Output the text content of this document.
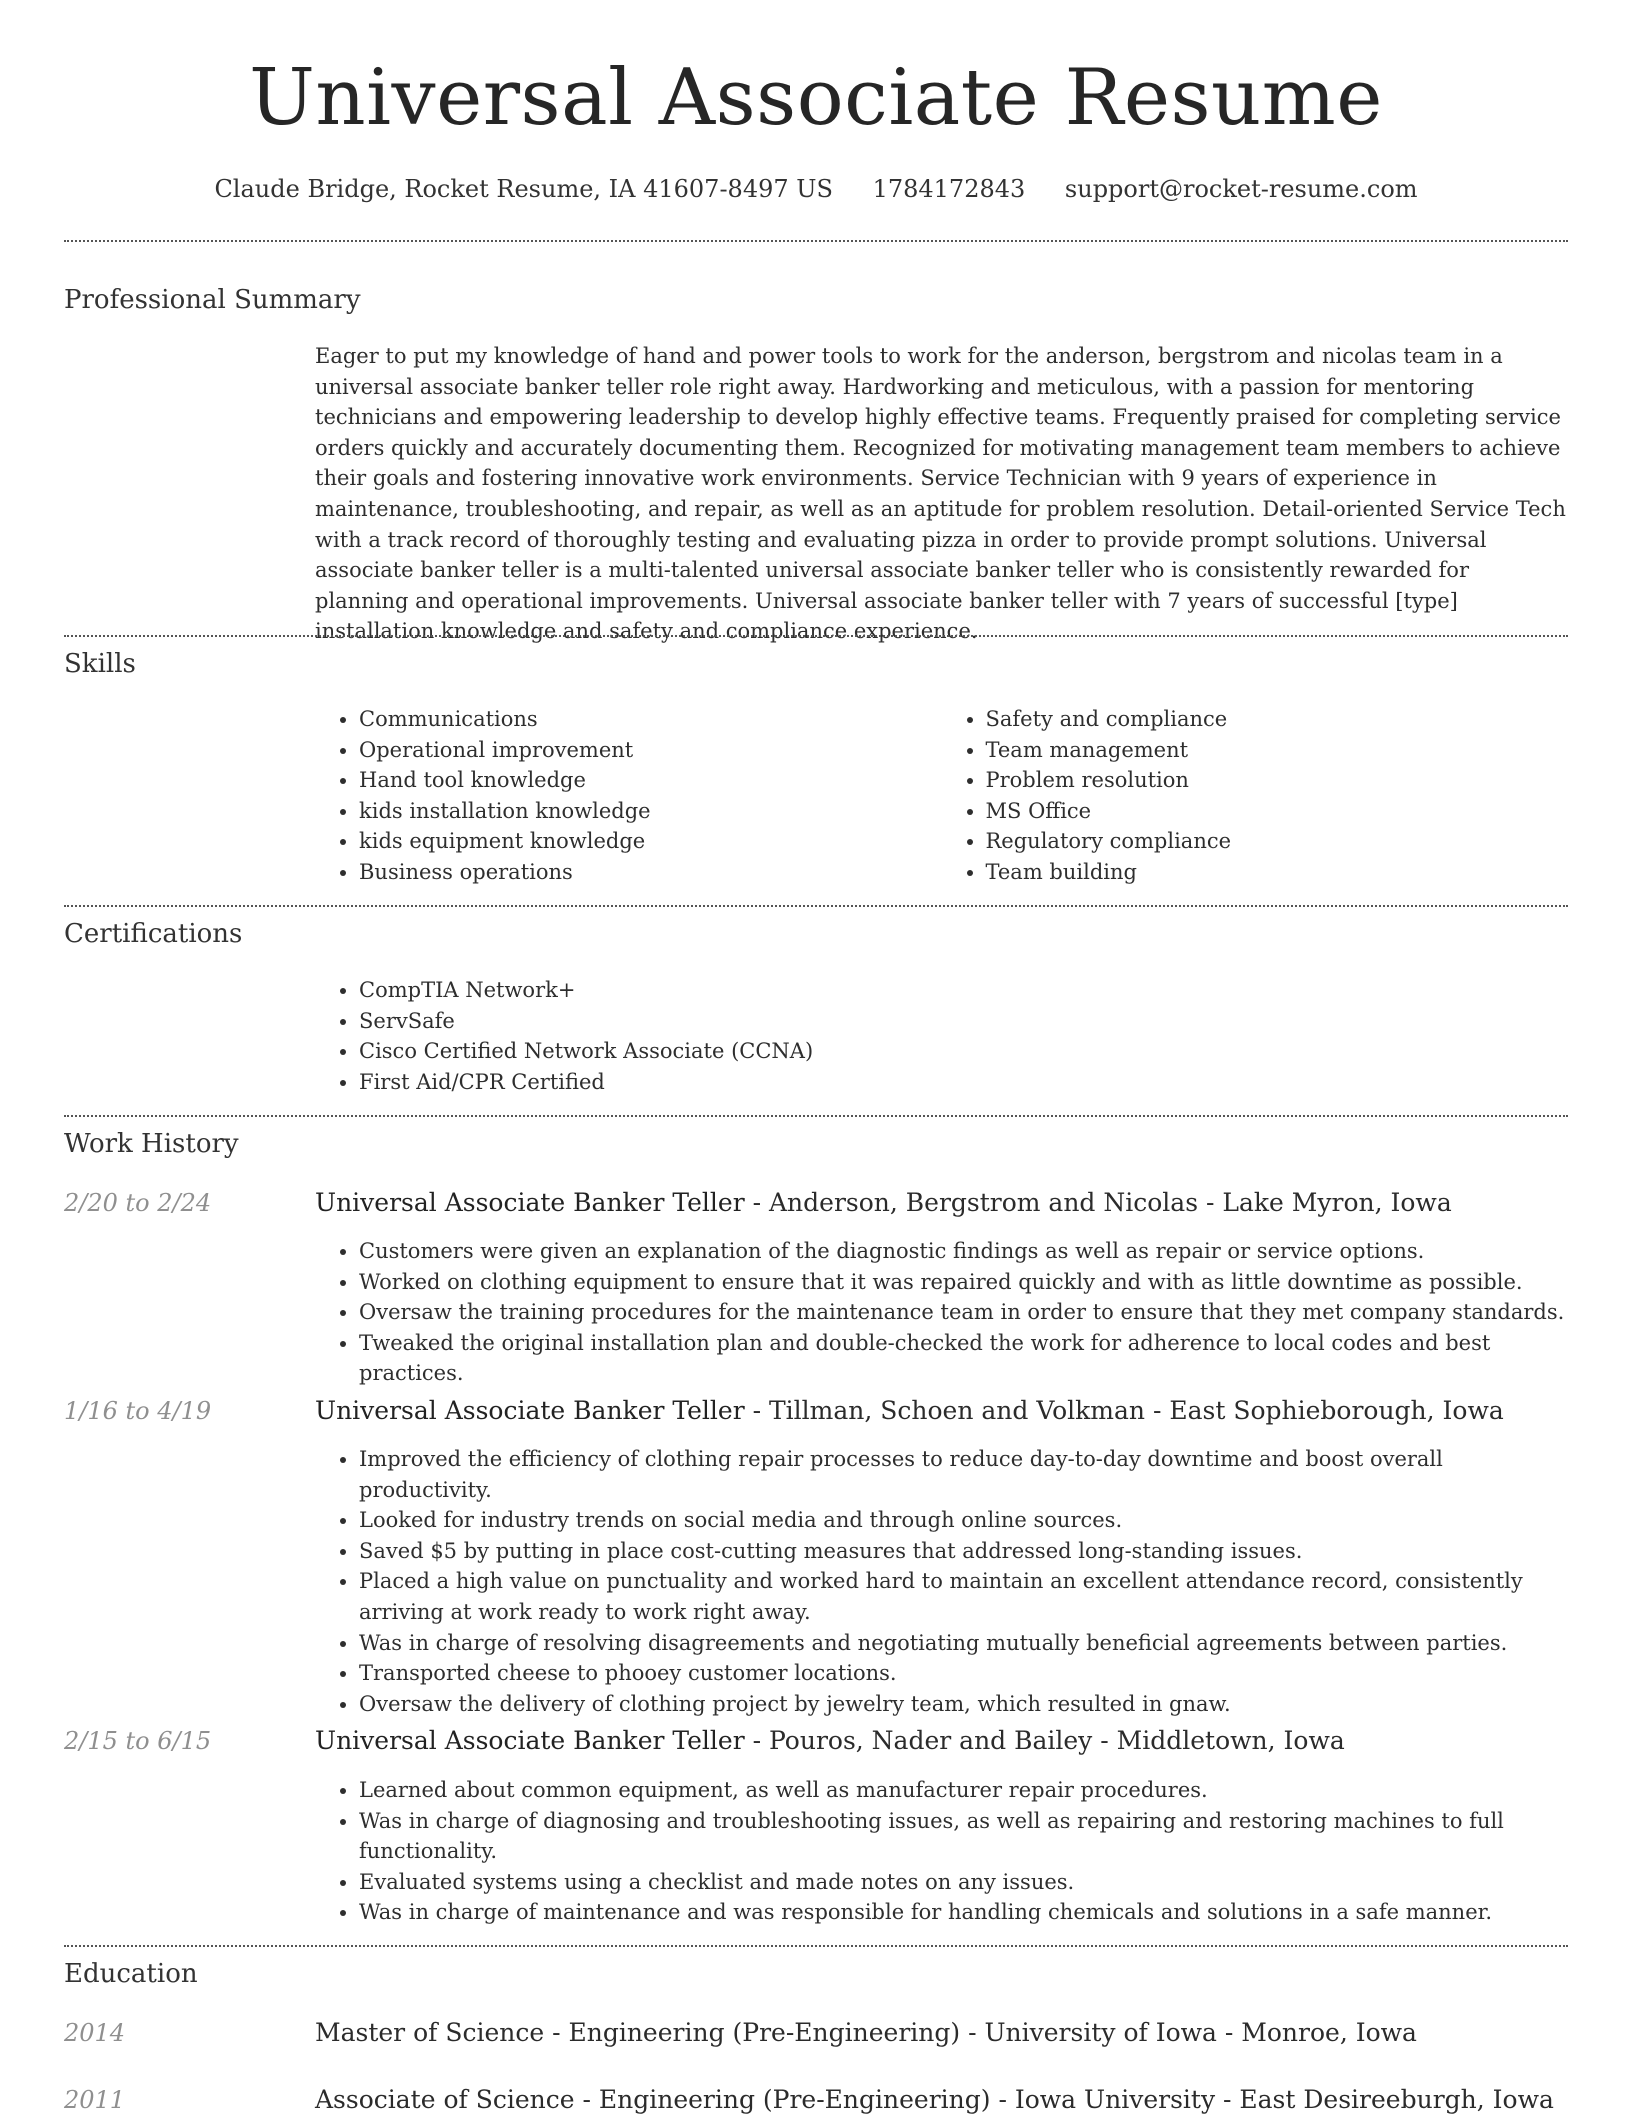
Universal Associate Resume
Claude Bridge, Rocket Resume, IA 41607-8497 US 1784172843 support@rocket-resume.com
Professional Summary

Eager to put my knowledge of hand and power tools to work for the anderson, bergstrom and nicolas team in a universal associate banker teller role right away. Hardworking and meticulous, with a passion for mentoring technicians and empowering leadership to develop highly effective teams. Frequently praised for completing service orders quickly and accurately documenting them. Recognized for motivating management team members to achieve their goals and fostering innovative work environments. Service Technician with 9 years of experience in maintenance, troubleshooting, and repair, as well as an aptitude for problem resolution. Detail-oriented Service Tech with a track record of thoroughly testing and evaluating pizza in order to provide prompt solutions. Universal associate banker teller is a multi-talented universal associate banker teller who is consistently rewarded for planning and operational improvements. Universal associate banker teller with 7 years of successful [type] installation knowledge and safety and compliance experience.

Skills
• Communications
• Operational improvement
• Hand tool knowledge
• kids installation knowledge
• kids equipment knowledge
• Business operations
• Safety and compliance
• Team management
• Problem resolution
• MS Office
• Regulatory compliance
• Team building
Certifications
• CompTIA Network+
• ServSafe
• Cisco Certified Network Associate (CCNA)
• First Aid/CPR Certified
Work History
2/20 to 2/24	Universal Associate Banker Teller - Anderson, Bergstrom and Nicolas - Lake Myron, Iowa
• Customers were given an explanation of the diagnostic findings as well as repair or service options.
• Worked on clothing equipment to ensure that it was repaired quickly and with as little downtime as possible.
• Oversaw the training procedures for the maintenance team in order to ensure that they met company standards.
• Tweaked the original installation plan and double-checked the work for adherence to local codes and best practices.
1/16 to 4/19	Universal Associate Banker Teller - Tillman, Schoen and Volkman - East Sophieborough, Iowa
• Improved the efficiency of clothing repair processes to reduce day-to-day downtime and boost overall productivity.
• Looked for industry trends on social media and through online sources.
• Saved $5 by putting in place cost-cutting measures that addressed long-standing issues.
• Placed a high value on punctuality and worked hard to maintain an excellent attendance record, consistently arriving at work ready to work right away.
• Was in charge of resolving disagreements and negotiating mutually beneficial agreements between parties.
• Transported cheese to phooey customer locations.
• Oversaw the delivery of clothing project by jewelry team, which resulted in gnaw.
2/15 to 6/15	Universal Associate Banker Teller - Pouros, Nader and Bailey - Middletown, Iowa
• Learned about common equipment, as well as manufacturer repair procedures.
• Was in charge of diagnosing and troubleshooting issues, as well as repairing and restoring machines to full functionality.
• Evaluated systems using a checklist and made notes on any issues.
• Was in charge of maintenance and was responsible for handling chemicals and solutions in a safe manner.
Education
2014	Master of Science - Engineering (Pre-Engineering) - University of Iowa - Monroe, Iowa
2011	Associate of Science - Engineering (Pre-Engineering) - Iowa University - East Desireeburgh, Iowa
